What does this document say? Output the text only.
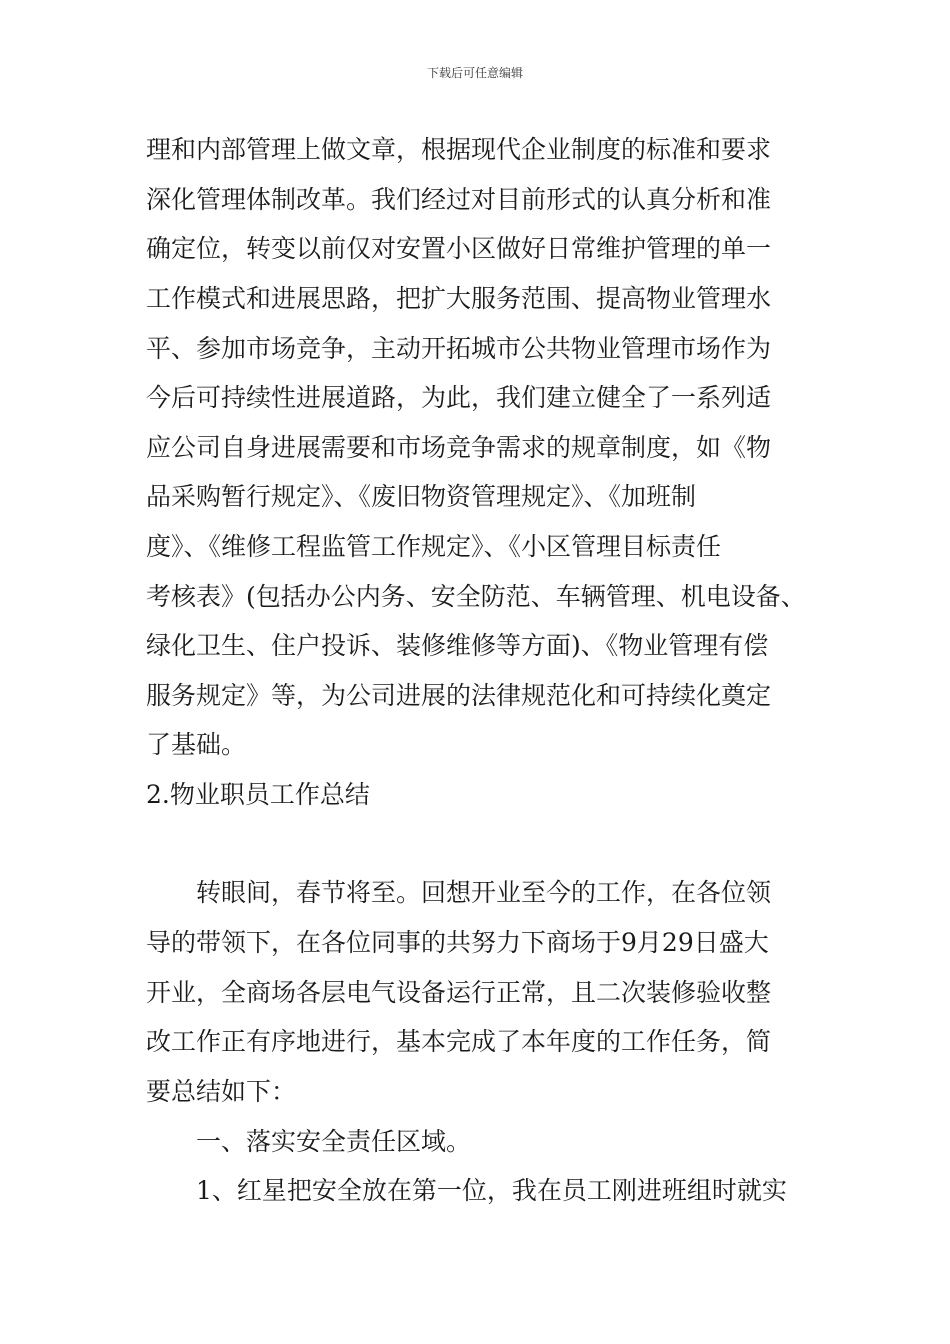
下载后可任意编辑
理和内部管理上做文章，根据现代企业制度的标准和要求
深化管理体制改革。我们经过对目前形式的认真分析和准
确定位，转变以前仅对安置小区做好日常维护管理的单一
工作模式和进展思路，把扩大服务范围、提高物业管理水
平、参加市场竞争，主动开拓城市公共物业管理市场作为
今后可持续性进展道路，为此，我们建立健全了一系列适
应公司自身进展需要和市场竞争需求的规章制度，如《物
品采购暂行规定》、《废旧物资管理规定》、《加班制
度》、《维修工程监管工作规定》、《小区管理目标责任
考核表》(包括办公内务、安全防范、车辆管理、机电设备、
绿化卫生、住户投诉、装修维修等方面)、《物业管理有偿
服务规定》等，为公司进展的法律规范化和可持续化奠定
了基础。
2.物业职员工作总结
转眼间，春节将至。回想开业至今的工作，在各位领
导的带领下，在各位同事的共努力下商场于9月29日盛大
开业，全商场各层电气设备运行正常，且二次装修验收整
改工作正有序地进行，基本完成了本年度的工作任务，简
要总结如下：
一、落实安全责任区域。
1、红星把安全放在第一位，我在员工刚进班组时就实
